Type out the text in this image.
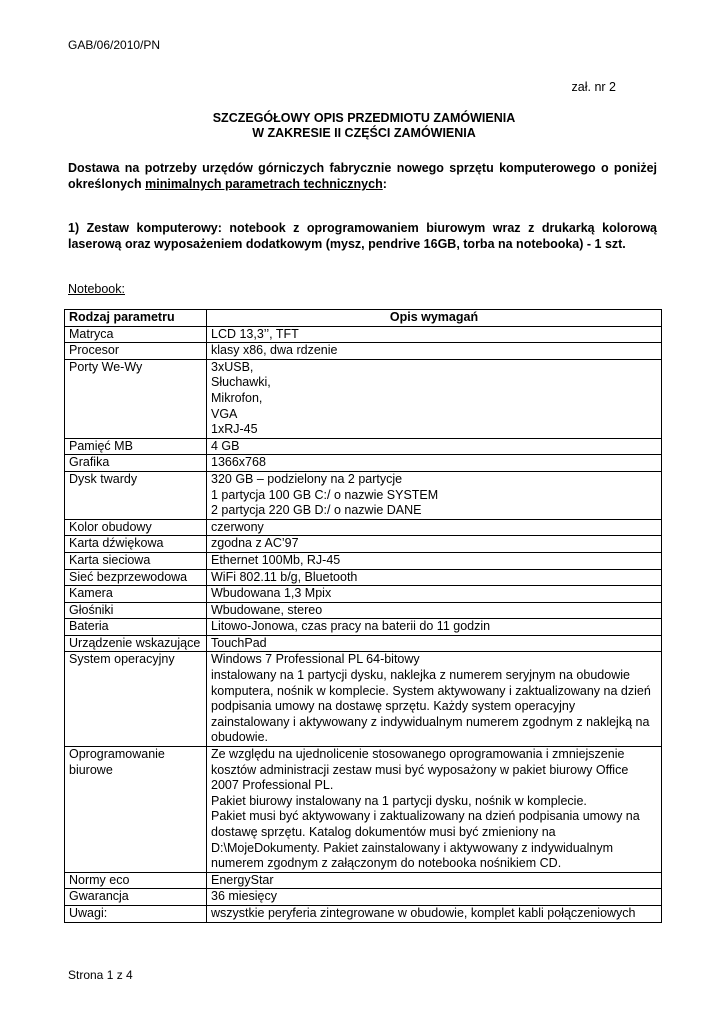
GAB/06/2010/PN
zał. nr 2
SZCZEGÓŁOWY OPIS PRZEDMIOTU ZAMÓWIENIA
W ZAKRESIE II CZĘŚCI ZAMÓWIENIA
Dostawa na potrzeby urzędów górniczych fabrycznie nowego sprzętu komputerowego o poniżej określonych minimalnych parametrach technicznych:
1) Zestaw komputerowy: notebook z oprogramowaniem biurowym wraz z drukarką kolorową laserową oraz wyposażeniem dodatkowym (mysz, pendrive 16GB, torba na notebooka) - 1 szt.
Notebook:
Rodzaj parametru	Opis wymagań
Matryca	LCD 13,3’’, TFT

Procesor	klasy x86, dwa rdzenie

Porty We-Wy	3xUSB,
Słuchawki,
Mikrofon,
VGA
1xRJ-45

Pamięć MB	4 GB

Grafika	1366x768

Dysk twardy	320 GB – podzielony na 2 partycje
1 partycja 100 GB C:/ o nazwie SYSTEM
2 partycja 220 GB D:/ o nazwie DANE

Kolor obudowy	czerwony

Karta dźwiękowa	zgodna z AC’97

Karta sieciowa	Ethernet 100Mb, RJ-45

Sieć bezprzewodowa	WiFi 802.11 b/g, Bluetooth

Kamera	Wbudowana 1,3 Mpix

Głośniki	Wbudowane, stereo

Bateria	Litowo-Jonowa, czas pracy na baterii do 11 godzin

Urządzenie wskazujące	TouchPad

System operacyjny	Windows 7 Professional PL 64-bitowy
instalowany na 1 partycji dysku, naklejka z numerem seryjnym na obudowie komputera, nośnik w komplecie. System aktywowany i zaktualizowany na dzień podpisania umowy na dostawę sprzętu. Każdy system operacyjny zainstalowany i aktywowany z indywidualnym numerem zgodnym z naklejką na obudowie.

Oprogramowanie biurowe	Ze względu na ujednolicenie stosowanego oprogramowania i zmniejszenie kosztów administracji zestaw musi być wyposażony w pakiet biurowy Office 2007 Professional PL.
Pakiet biurowy instalowany na 1 partycji dysku, nośnik w komplecie.
Pakiet musi być aktywowany i zaktualizowany na dzień podpisania umowy na dostawę sprzętu. Katalog dokumentów musi być zmieniony na D:\MojeDokumenty. Pakiet zainstalowany i aktywowany z indywidualnym numerem zgodnym z załączonym do notebooka nośnikiem CD.

Normy eco	EnergyStar

Gwarancja	36 miesięcy

Uwagi:	wszystkie peryferia zintegrowane w obudowie, komplet kabli połączeniowych
Strona 1 z 4
